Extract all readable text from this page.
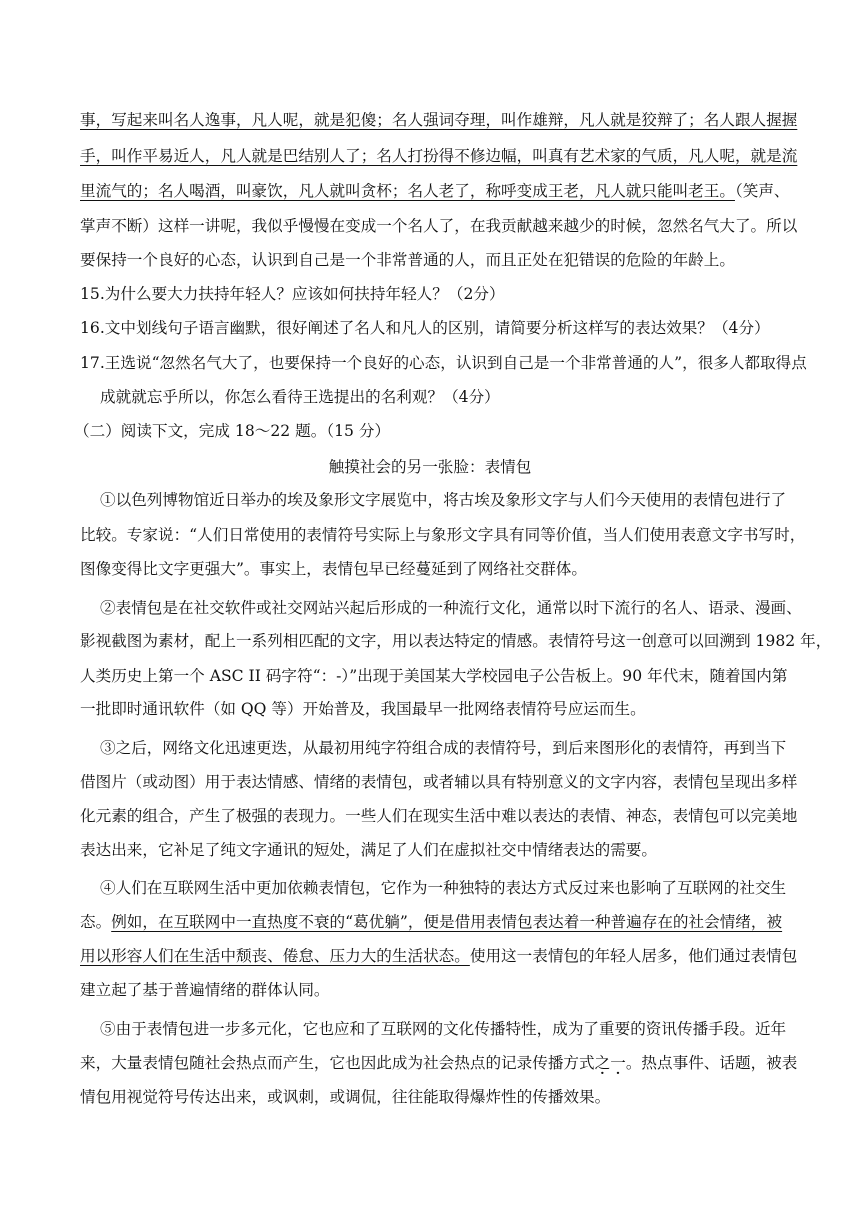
事，写起来叫名人逸事，凡人呢，就是犯傻；名人强词夺理，叫作雄辩，凡人就是狡辩了；名人跟人握握
手，叫作平易近人，凡人就是巴结别人了；名人打扮得不修边幅，叫真有艺术家的气质，凡人呢，就是流
里流气的；名人喝酒，叫豪饮，凡人就叫贪杯；名人老了，称呼变成王老，凡人就只能叫老王。（笑声、
掌声不断）这样一讲呢，我似乎慢慢在变成一个名人了，在我贡献越来越少的时候，忽然名气大了。所以
要保持一个良好的心态，认识到自己是一个非常普通的人，而且正处在犯错误的危险的年龄上。
15.为什么要大力扶持年轻人？应该如何扶持年轻人？（2分）
16.文中划线句子语言幽默，很好阐述了名人和凡人的区别，请简要分析这样写的表达效果？（4分）
17.王选说“忽然名气大了，也要保持一个良好的心态，认识到自己是一个非常普通的人”，很多人都取得点
成就就忘乎所以，你怎么看待王选提出的名利观？（4分）
（二）阅读下文，完成 18～22 题。（15 分）
触摸社会的另一张脸：表情包
①以色列博物馆近日举办的埃及象形文字展览中，将古埃及象形文字与人们今天使用的表情包进行了
比较。专家说：“人们日常使用的表情符号实际上与象形文字具有同等价值，当人们使用表意文字书写时，
图像变得比文字更强大”。事实上，表情包早已经蔓延到了网络社交群体。
②表情包是在社交软件或社交网站兴起后形成的一种流行文化，通常以时下流行的名人、语录、漫画、
影视截图为素材，配上一系列相匹配的文字，用以表达特定的情感。表情符号这一创意可以回溯到 1982 年，
人类历史上第一个 ASC II 码字符“：-）”出现于美国某大学校园电子公告板上。90 年代末，随着国内第
一批即时通讯软件（如 QQ 等）开始普及，我国最早一批网络表情符号应运而生。
③之后，网络文化迅速更迭，从最初用纯字符组合成的表情符号，到后来图形化的表情符，再到当下
借图片（或动图）用于表达情感、情绪的表情包，或者辅以具有特别意义的文字内容，表情包呈现出多样
化元素的组合，产生了极强的表现力。一些人们在现实生活中难以表达的表情、神态，表情包可以完美地
表达出来，它补足了纯文字通讯的短处，满足了人们在虚拟社交中情绪表达的需要。
④人们在互联网生活中更加依赖表情包，它作为一种独特的表达方式反过来也影响了互联网的社交生
态。例如，在互联网中一直热度不衰的“葛优躺”，便是借用表情包表达着一种普遍存在的社会情绪，被
用以形容人们在生活中颓丧、倦怠、压力大的生活状态。使用这一表情包的年轻人居多，他们通过表情包
建立起了基于普遍情绪的群体认同。
⑤由于表情包进一步多元化，它也应和了互联网的文化传播特性，成为了重要的资讯传播手段。近年
来，大量表情包随社会热点而产生，它也因此成为社会热点的记录传播方式之一。热点事件、话题，被表
情包用视觉符号传达出来，或讽刺，或调侃，往往能取得爆炸性的传播效果。
